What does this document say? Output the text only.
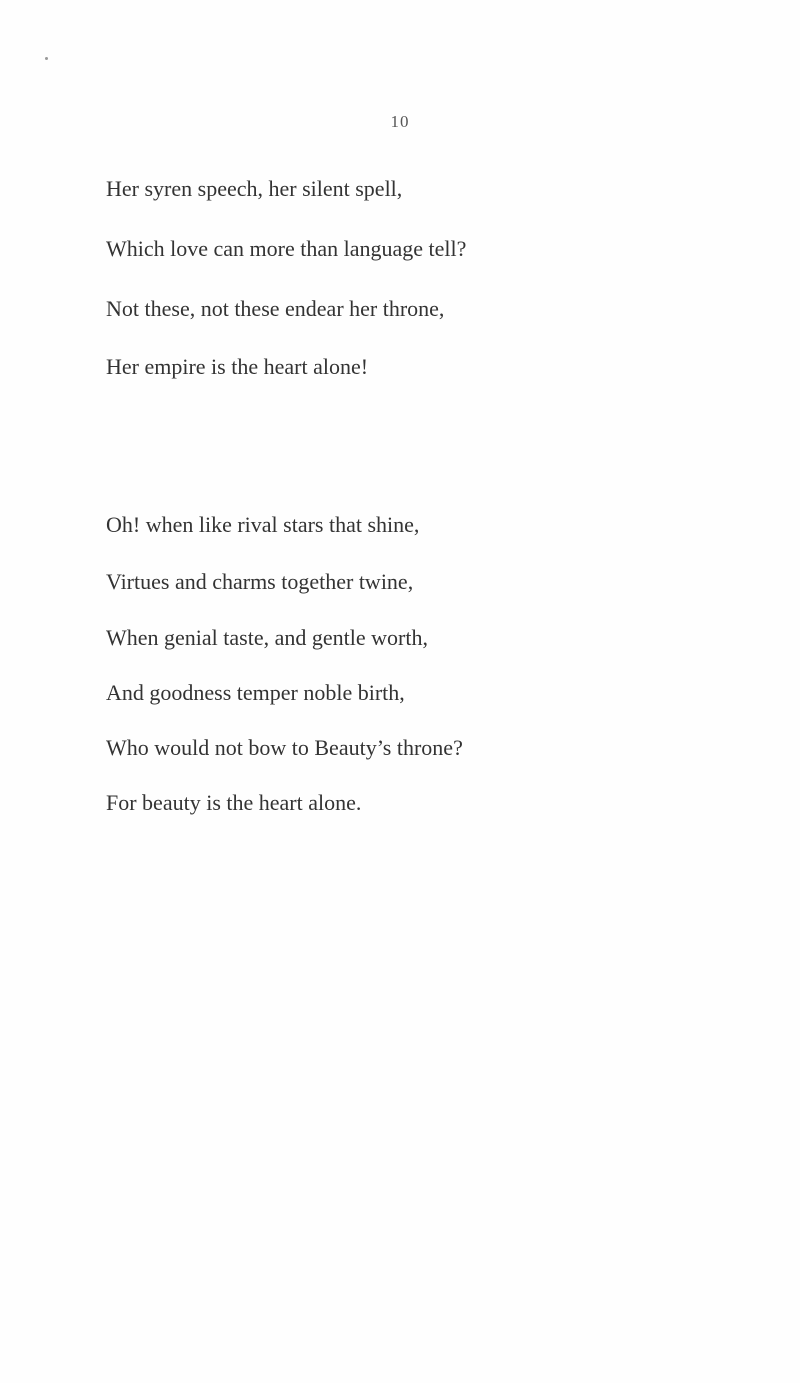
10
Her syren speech, her silent spell,
Which love can more than language tell?
Not these, not these endear her throne,
Her empire is the heart alone!
Oh! when like rival stars that shine,
Virtues and charms together twine,
When genial taste, and gentle worth,
And goodness temper noble birth,
Who would not bow to Beauty’s throne?
For beauty is the heart alone.
